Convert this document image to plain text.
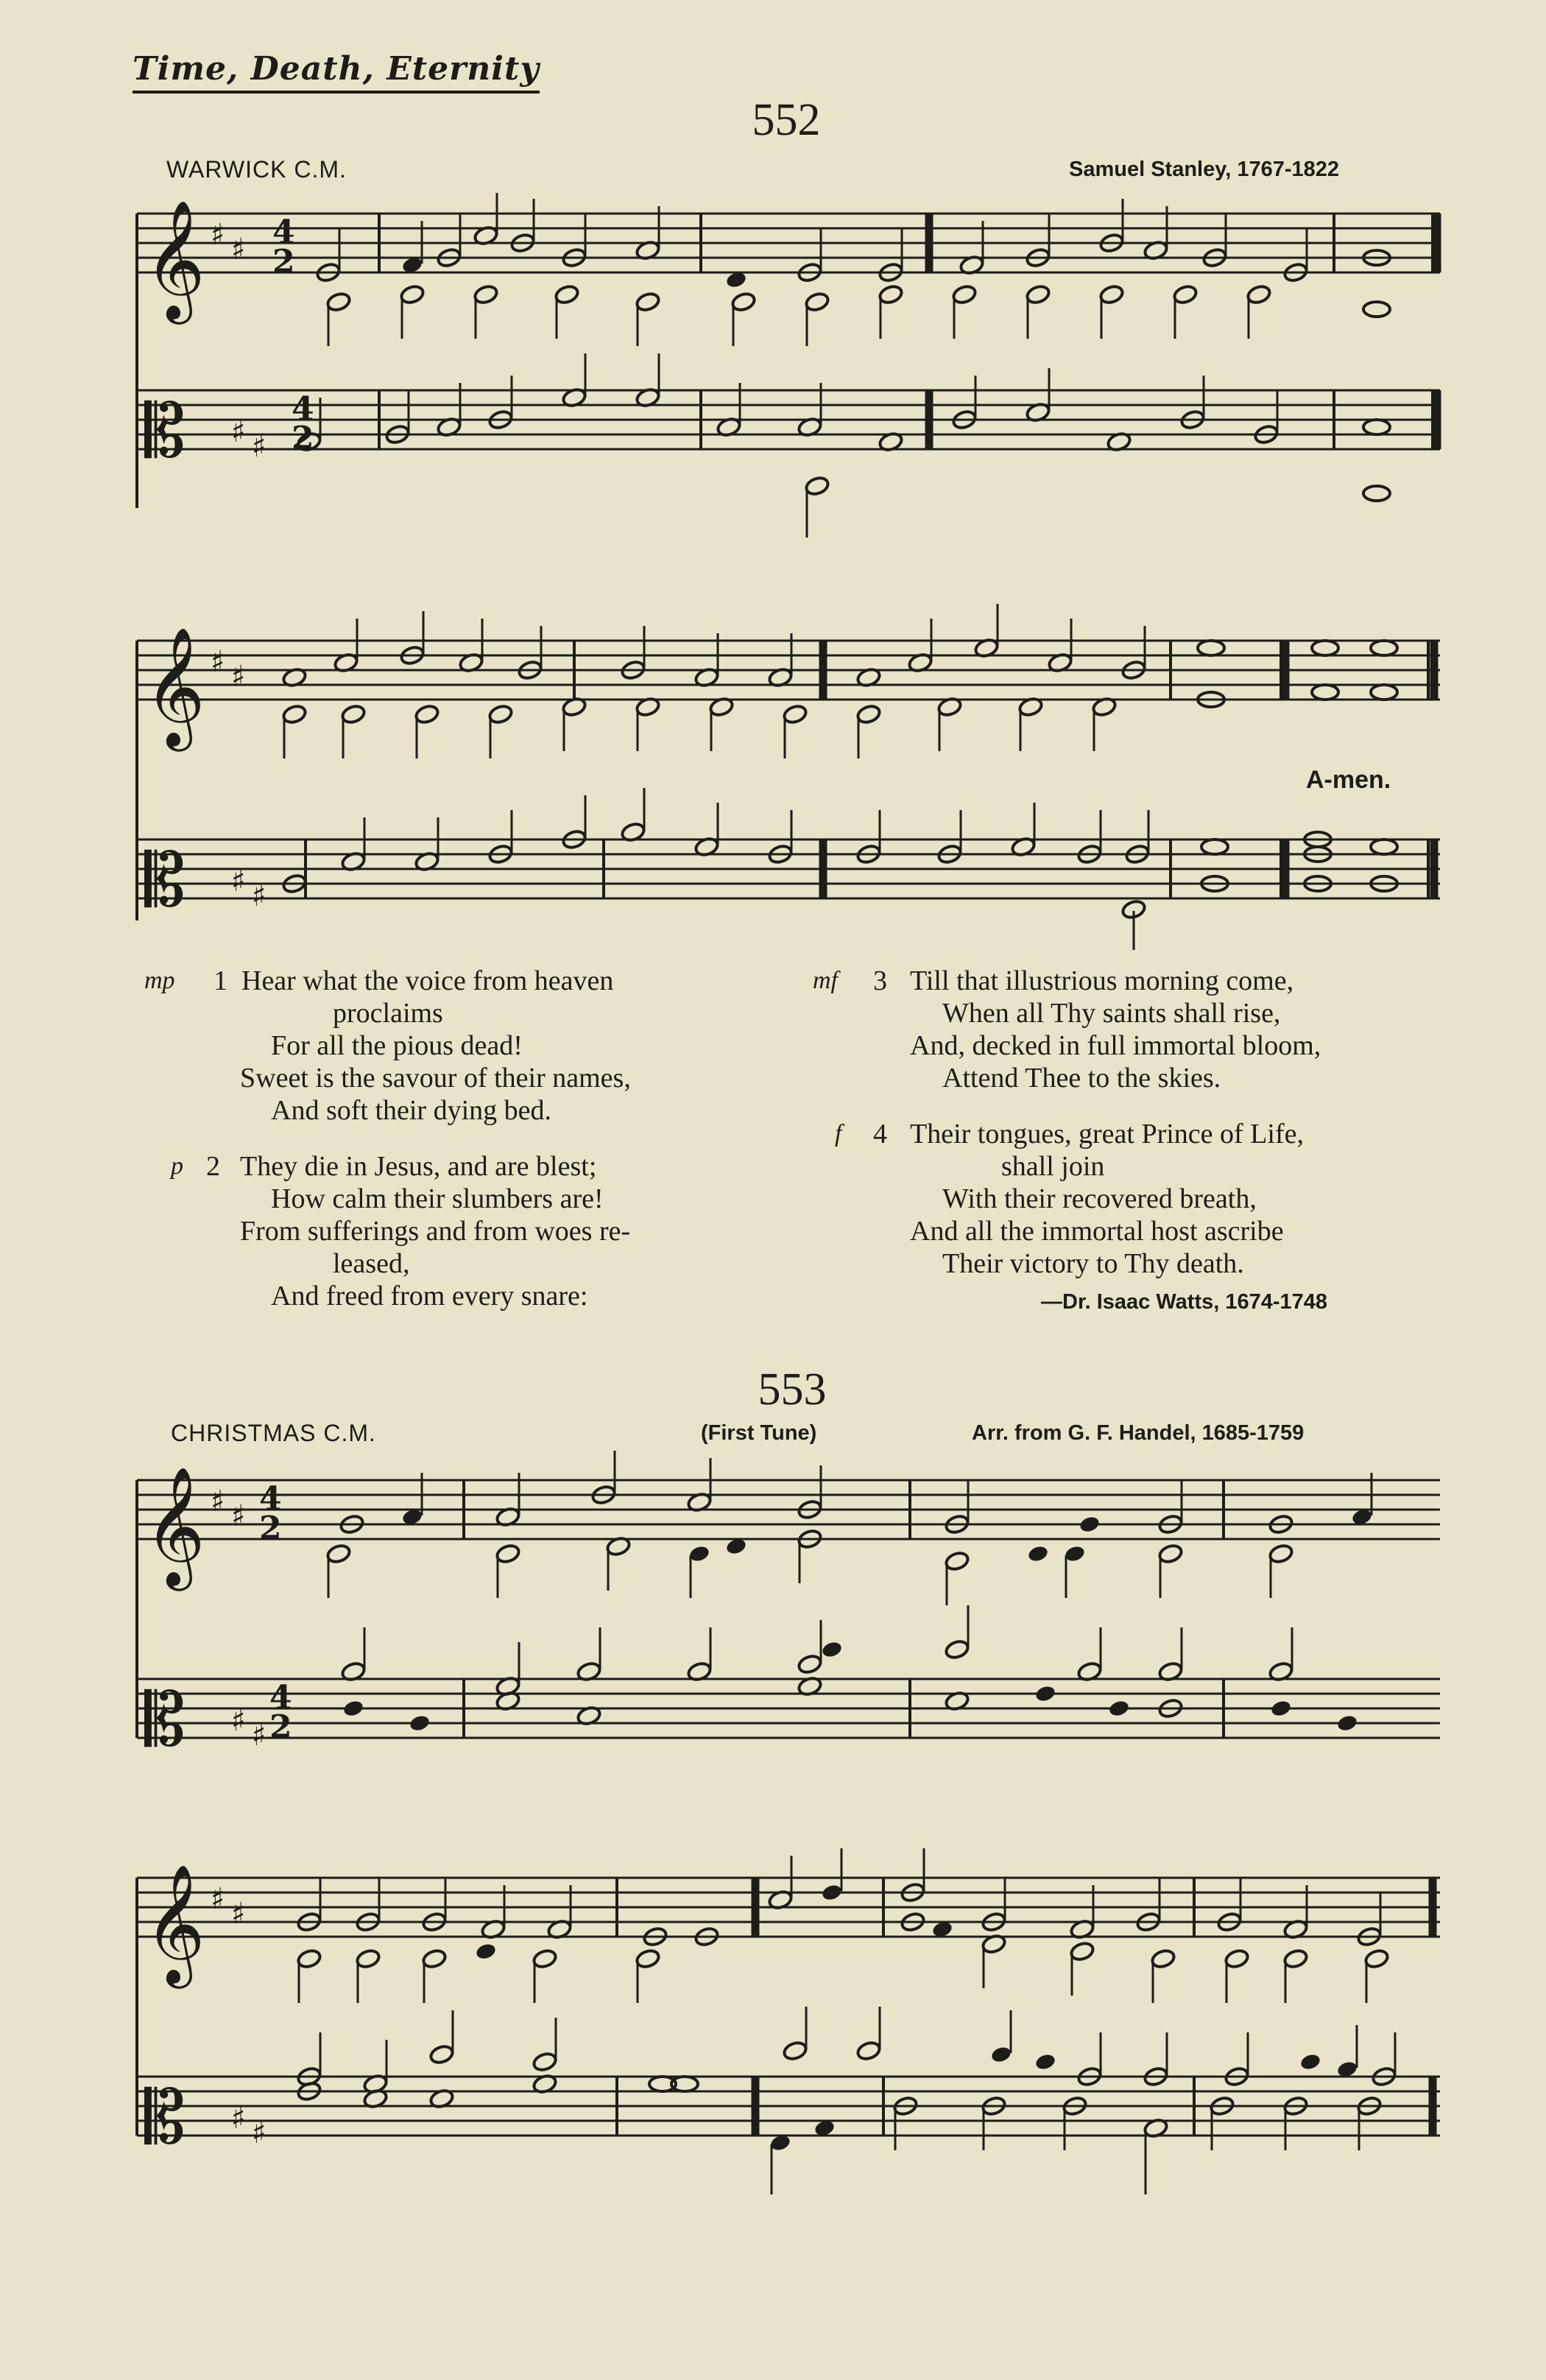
Time, Death, Eternity
552
WARWICK C.M.	Samuel Stanley, 1767-1822
𝄞
𝄡
♯ ♯
♯ ♯
4
2
4
2
𝄞
𝄡
♯ ♯
♯ ♯
𝄞
𝄡
♯ ♯
♯ ♯
4
2
4
2
𝄞
𝄡
♯ ♯
♯ ♯
A-men.
mp 1 Hear what the voice from heaven
proclaims
For all the pious dead!
Sweet is the savour of their names,
And soft their dying bed.
p 2 They die in Jesus, and are blest;
How calm their slumbers are!
From sufferings and from woes re-
leased,
And freed from every snare:
mf 3 Till that illustrious morning come,
When all Thy saints shall rise,
And, decked in full immortal bloom,
Attend Thee to the skies.
f 4 Their tongues, great Prince of Life,
shall join
With their recovered breath,
And all the immortal host ascribe
Their victory to Thy death.
—Dr. Isaac Watts, 1674-1748
553
CHRISTMAS C.M.	(First Tune)	Arr. from G. F. Handel, 1685-1759
